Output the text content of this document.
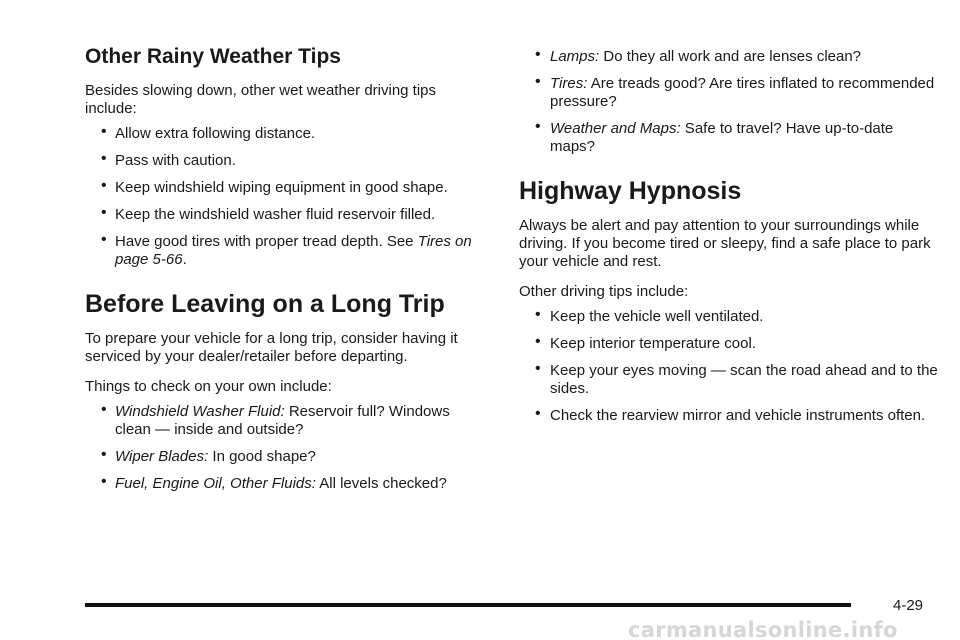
Other Rainy Weather Tips

Besides slowing down, other wet weather driving tips include:

• Allow extra following distance.
• Pass with caution.
• Keep windshield wiping equipment in good shape.
• Keep the windshield washer fluid reservoir filled.
• Have good tires with proper tread depth. See Tires on page 5-66.
Before Leaving on a Long Trip

To prepare your vehicle for a long trip, consider having it serviced by your dealer/retailer before departing.

Things to check on your own include:

• Windshield Washer Fluid: Reservoir full? Windows clean — inside and outside?
• Wiper Blades: In good shape?
• Fuel, Engine Oil, Other Fluids: All levels checked?
• Lamps: Do they all work and are lenses clean?
• Tires: Are treads good? Are tires inflated to recommended pressure?
• Weather and Maps: Safe to travel? Have up-to-date maps?
Highway Hypnosis

Always be alert and pay attention to your surroundings while driving. If you become tired or sleepy, find a safe place to park your vehicle and rest.

Other driving tips include:

• Keep the vehicle well ventilated.
• Keep interior temperature cool.
• Keep your eyes moving — scan the road ahead and to the sides.
• Check the rearview mirror and vehicle instruments often.
4-29
carmanualsonline.info
